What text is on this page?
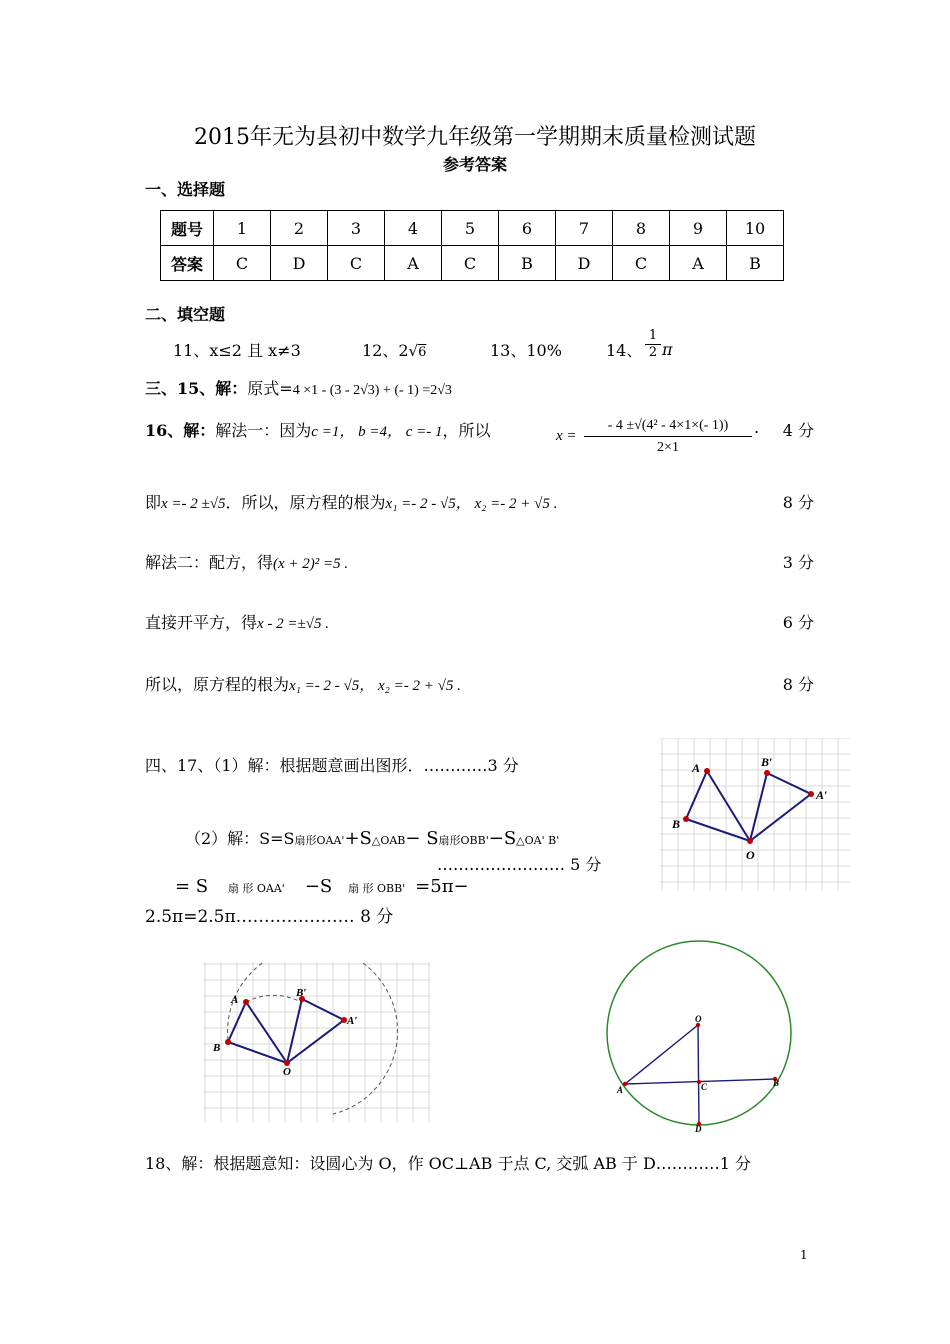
2015年无为县初中数学九年级第一学期期末质量检测试题
参考答案
一、选择题
题号	1	2	3	4	5	6	7	8	9	10
答案	C	D	C	A	C	B	D	C	A	B
二、填空题
11、x≤2 且 x≠3	12、2√6	13、10%	14、 $\frac{1}{2}$ π
三、15、解：原式=4 ×1 - (3 - 2√3) + (- 1) =2√3
16、解：解法一：因为c =1， b =4， c =- 1，所以	$x = \frac{\text{- 4 ±√(4² - 4×1×(- 1))}}{2\times 1}$ .	4 分
即x =- 2 ±√5．所以，原方程的根为x₁ =- 2 - √5， x₂ =- 2 + √5 .	8 分
解法二：配方，得(x + 2)² =5 .	3 分
直接开平方，得x - 2 =±√5 .	6 分
所以，原方程的根为x₁ =- 2 - √5， x₂ =- 2 + √5 .	8 分
四、17、（1）解：根据题意画出图形．…………3 分
（2）解：S=S扇形OAA'+S△OAB− S扇形OBB'−S△OA' B'
…………………… 5 分
= S 扇 形 OAA' −S 扇 形 OBB' =5π−
2.5π=2.5π………………… 8 分
A
B
O
B′
A′
A
B
O
B′
A′	O
A
B
C
D
18、解：根据题意知：设圆心为 O，作 OC⊥AB 于点 C, 交弧 AB 于 D…………1 分
1
